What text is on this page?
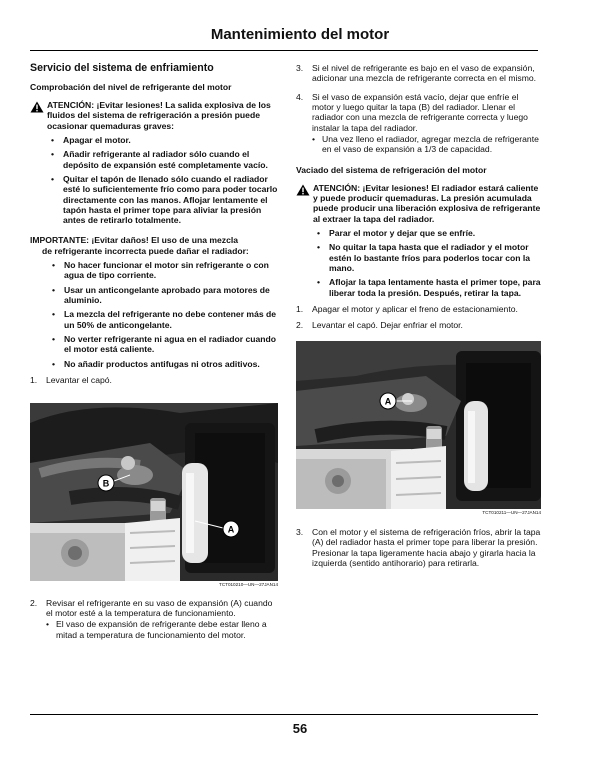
Mantenimiento del motor
Servicio del sistema de enfriamiento
Comprobación del nivel de refrigerante del motor
ATENCIÓN: ¡Evitar lesiones! La salida explosiva de los fluidos del sistema de refrigeración a presión puede ocasionar quemaduras graves:
• Apagar el motor.
• Añadir refrigerante al radiador sólo cuando el depósito de expansión esté completamente vacío.
• Quitar el tapón de llenado sólo cuando el radiador esté lo suficientemente frío como para poder tocarlo directamente con las manos. Aflojar lentamente el tapón hasta el primer tope para aliviar la presión antes de retirarlo totalmente.
IMPORTANTE: ¡Evitar daños! El uso de una mezcla
de refrigerante incorrecta puede dañar el radiador:
• No hacer funcionar el motor sin refrigerante o con agua de tipo corriente.
• Usar un anticongelante aprobado para motores de aluminio.
• La mezcla del refrigerante no debe contener más de un 50% de anticongelante.
• No verter refrigerante ni agua en el radiador cuando el motor está caliente.
• No añadir productos antifugas ni otros aditivos.
1. Levantar el capó.
B
A
TCT010210—UN—27JAN14
2. Revisar el refrigerante en su vaso de expansión (A) cuando el motor esté a la temperatura de funcionamiento.
• El vaso de expansión de refrigerante debe estar lleno a mitad a temperatura de funcionamiento del motor.
3. Si el nivel de refrigerante es bajo en el vaso de expansión, adicionar una mezcla de refrigerante correcta en el mismo.
4. Si el vaso de expansión está vacío, dejar que enfríe el motor y luego quitar la tapa (B) del radiador. Llenar el radiador con una mezcla de refrigerante correcta y luego instalar la tapa del radiador.
• Una vez lleno el radiador, agregar mezcla de refrigerante en el vaso de expansión a 1/3 de capacidad.
Vaciado del sistema de refrigeración del motor
ATENCIÓN: ¡Evitar lesiones! El radiador estará caliente y puede producir quemaduras. La presión acumulada puede producir una liberación explosiva de refrigerante al extraer la tapa del radiador.
• Parar el motor y dejar que se enfríe.
• No quitar la tapa hasta que el radiador y el motor estén lo bastante fríos para poderlos tocar con la mano.
• Aflojar la tapa lentamente hasta el primer tope, para liberar toda la presión. Después, retirar la tapa.
1. Apagar el motor y aplicar el freno de estacionamiento.
2. Levantar el capó. Dejar enfriar el motor.
A
TCT010211—UN—27JAN14
3. Con el motor y el sistema de refrigeración fríos, abrir la tapa (A) del radiador hasta el primer tope para liberar la presión. Presionar la tapa ligeramente hacia abajo y girarla hacia la izquierda (sentido antihorario) para retirarla.
56
